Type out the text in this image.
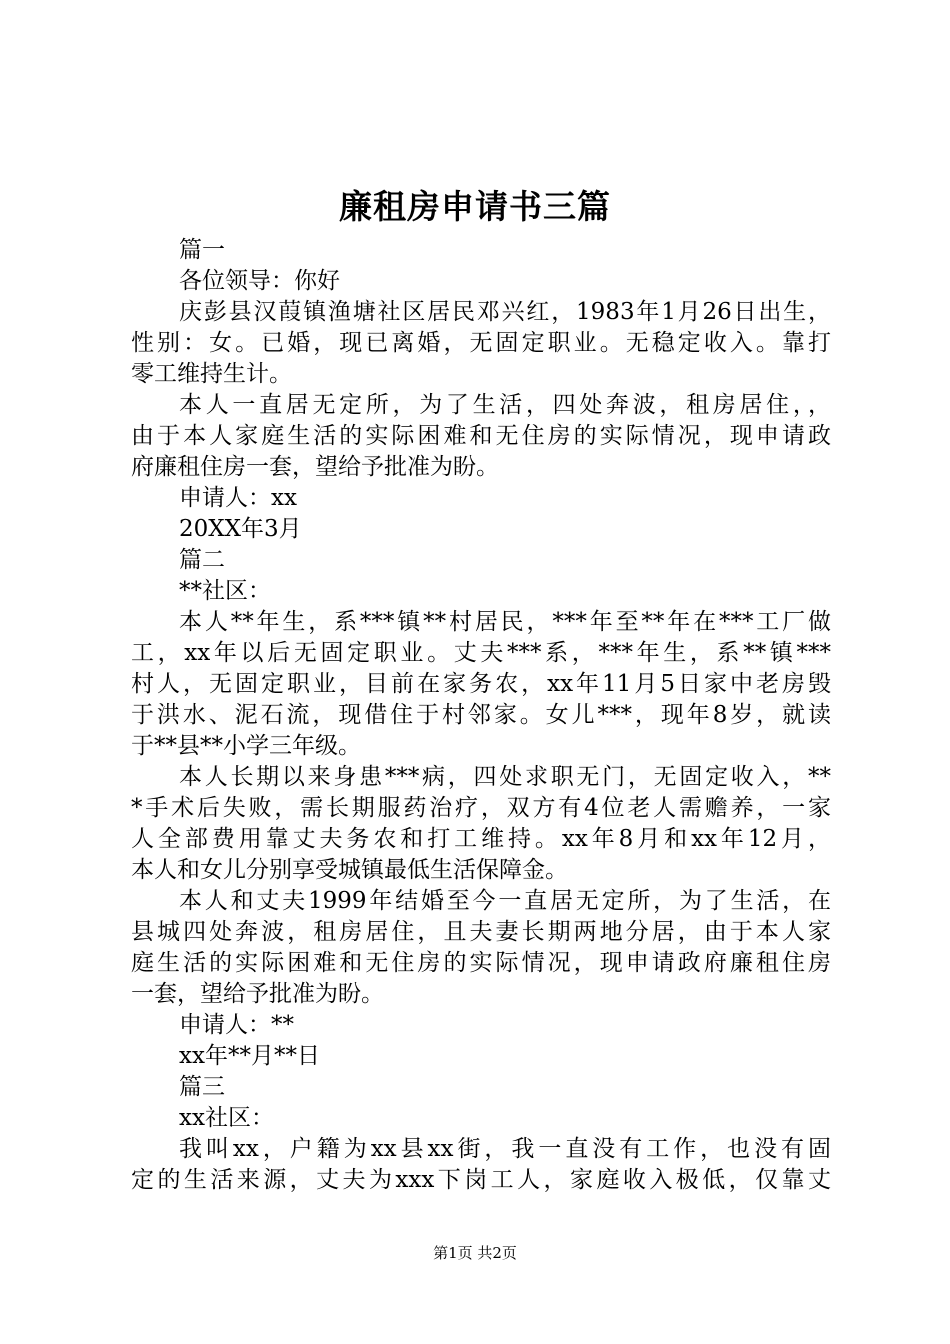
廉租房申请书三篇
篇一
各位领导：你好
庆彭县汉葭镇渔塘社区居民邓兴红，1983年1月26日出生，
性别：女。已婚，现已离婚，无固定职业。无稳定收入。靠打
零工维持生计。
本人一直居无定所，为了生活，四处奔波，租房居住，，
由于本人家庭生活的实际困难和无住房的实际情况，现申请政
府廉租住房一套，望给予批准为盼。
申请人：xx
20XX年3月
篇二
**社区：
本人**年生，系***镇**村居民，***年至**年在***工厂做
工，xx年以后无固定职业。丈夫***系，***年生，系**镇***
村人，无固定职业，目前在家务农，xx年11月5日家中老房毁
于洪水、泥石流，现借住于村邻家。女儿***，现年8岁，就读
于**县**小学三年级。
本人长期以来身患***病，四处求职无门，无固定收入，**
*手术后失败，需长期服药治疗，双方有4位老人需赡养，一家
人全部费用靠丈夫务农和打工维持。xx年8月和xx年12月，
本人和女儿分别享受城镇最低生活保障金。
本人和丈夫1999年结婚至今一直居无定所，为了生活，在
县城四处奔波，租房居住，且夫妻长期两地分居，由于本人家
庭生活的实际困难和无住房的实际情况，现申请政府廉租住房
一套，望给予批准为盼。
申请人：**
xx年**月**日
篇三
xx社区：
我叫xx，户籍为xx县xx街，我一直没有工作，也没有固
定的生活来源，丈夫为xxx下岗工人，家庭收入极低，仅靠丈
第1页 共2页
